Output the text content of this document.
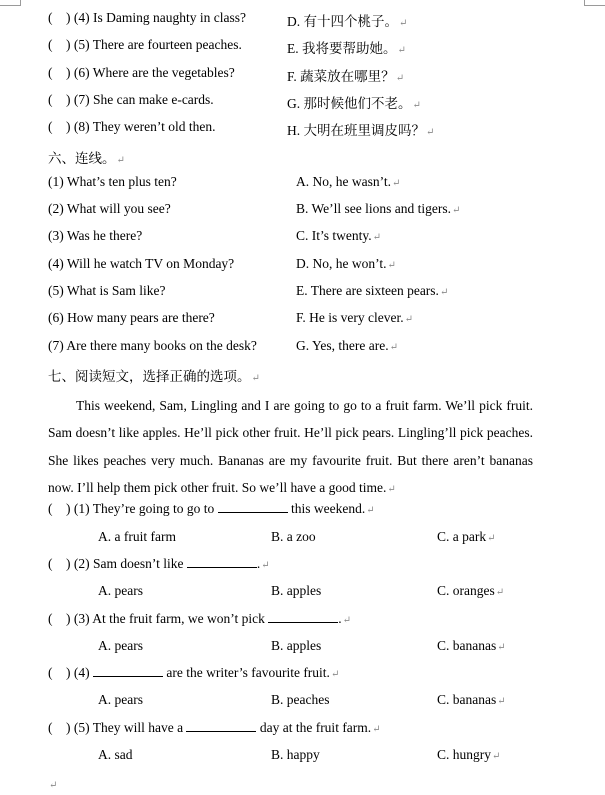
( ) (4) Is Daming naughty in class?	D. 有十四个桃子。↵
( ) (5) There are fourteen peaches.	E. 我将要帮助她。↵
( ) (6) Where are the vegetables?	F. 蔬菜放在哪里？↵
( ) (7) She can make e-cards.	G. 那时候他们不老。↵
( ) (8) They weren’t old then.	H. 大明在班里调皮吗？↵
六、连线。↵
(1) What’s ten plus ten?	A. No, he wasn’t.↵
(2) What will you see?	B. We’ll see lions and tigers.↵
(3) Was he there?	C. It’s twenty.↵
(4) Will he watch TV on Monday?	D. No, he won’t.↵
(5) What is Sam like?	E. There are sixteen pears.↵
(6) How many pears are there?	F. He is very clever.↵
(7) Are there many books on the desk?	G. Yes, there are.↵
七、阅读短文，选择正确的选项。↵

This weekend, Sam, Lingling and I are going to go to a fruit farm. We’ll pick fruit. Sam doesn’t like apples. He’ll pick other fruit. He’ll pick pears. Lingling’ll pick peaches. She likes peaches very much. Bananas are my favourite fruit. But there aren’t bananas now. I’ll help them pick other fruit. So we’ll have a good time.↵

( ) (1) They’re going to go to	this weekend.↵
A. a fruit farm	B. a zoo	C. a park↵
( ) (2) Sam doesn’t like	.↵
A. pears	B. apples	C. oranges↵
( ) (3) At the fruit farm, we won’t pick	.↵
A. pears	B. apples	C. bananas↵
( ) (4)	are the writer’s favourite fruit.↵
A. pears	B. peaches	C. bananas↵
( ) (5) They will have a	day at the fruit farm.↵
A. sad	B. happy	C. hungry↵
↵
